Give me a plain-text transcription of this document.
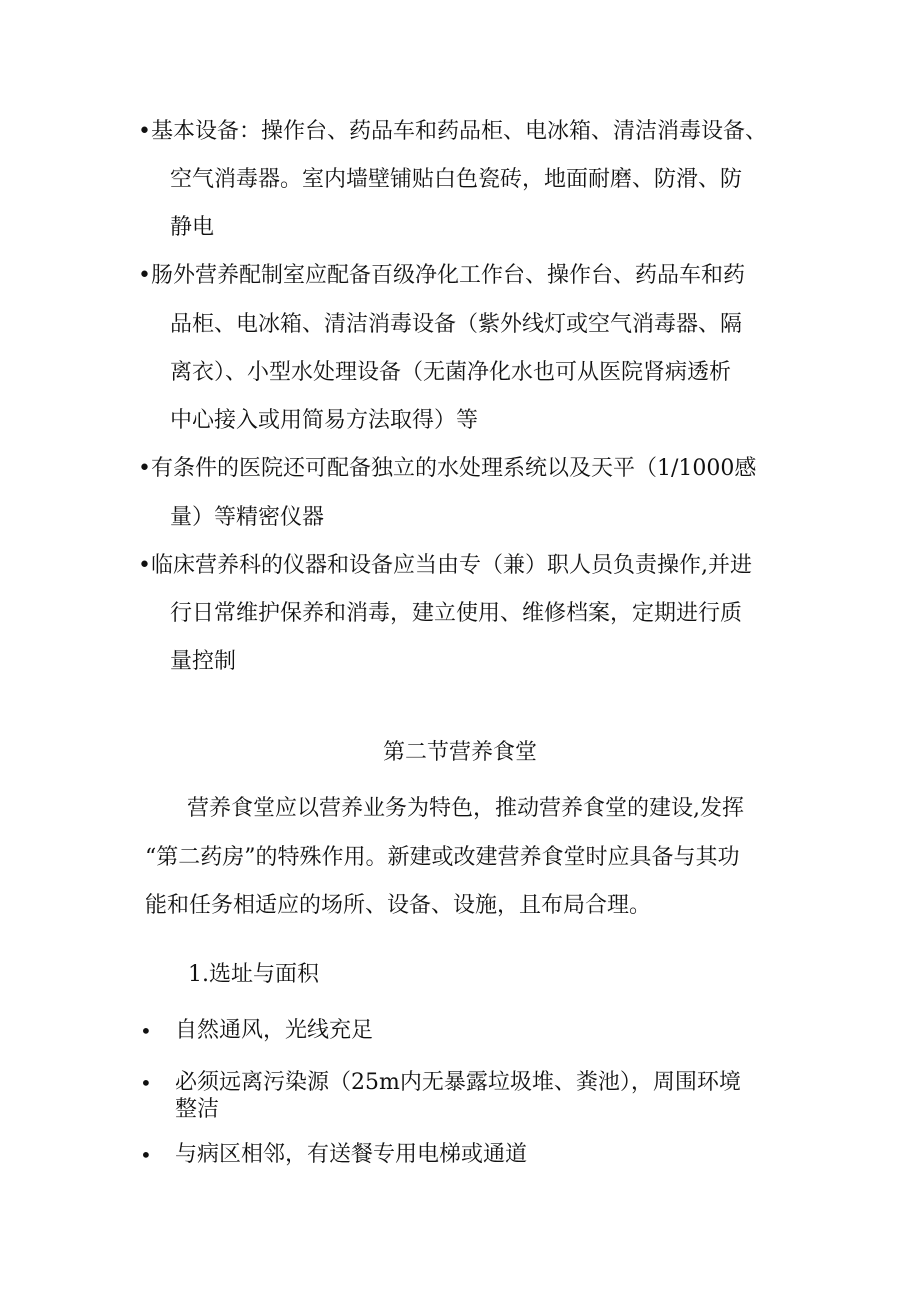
•基本设备：操作台、药品车和药品柜、电冰箱、清洁消毒设备、
空气消毒器。室内墙壁铺贴白色瓷砖，地面耐磨、防滑、防
静电
•肠外营养配制室应配备百级净化工作台、操作台、药品车和药
品柜、电冰箱、清洁消毒设备（紫外线灯或空气消毒器、隔
离衣）、小型水处理设备（无菌净化水也可从医院肾病透析
中心接入或用简易方法取得）等
•有条件的医院还可配备独立的水处理系统以及天平（1/1000感
量）等精密仪器
•临床营养科的仪器和设备应当由专（兼）职人员负责操作,并进
行日常维护保养和消毒，建立使用、维修档案，定期进行质
量控制
第二节营养食堂
营养食堂应以营养业务为特色，推动营养食堂的建设,发挥
“第二药房”的特殊作用。新建或改建营养食堂时应具备与其功
能和任务相适应的场所、设备、设施，且布局合理。
1.选址与面积
• 自然通风，光线充足
• 必须远离污染源（25m内无暴露垃圾堆、粪池），周围环境
整洁
• 与病区相邻，有送餐专用电梯或通道
